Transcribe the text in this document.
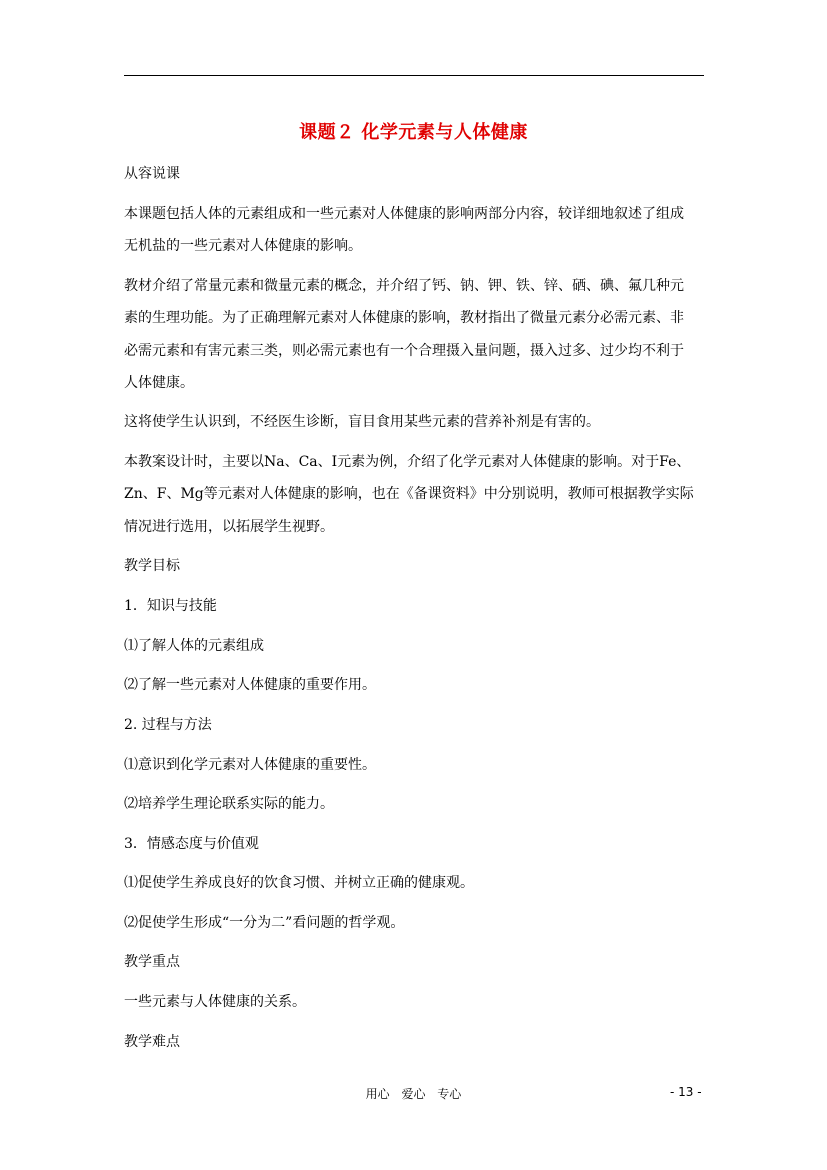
课题２ 化学元素与人体健康
从容说课
本课题包括人体的元素组成和一些元素对人体健康的影响两部分内容，较详细地叙述了组成
无机盐的一些元素对人体健康的影响。
教材介绍了常量元素和微量元素的概念，并介绍了钙、钠、钾、铁、锌、硒、碘、氟几种元
素的生理功能。为了正确理解元素对人体健康的影响，教材指出了微量元素分必需元素、非
必需元素和有害元素三类，则必需元素也有一个合理摄入量问题，摄入过多、过少均不利于
人体健康。
这将使学生认识到，不经医生诊断，盲目食用某些元素的营养补剂是有害的。
本教案设计时，主要以Na、Ca、I元素为例，介绍了化学元素对人体健康的影响。对于Fe、
Zn、F、Mg等元素对人体健康的影响，也在《备课资料》中分别说明，教师可根据教学实际
情况进行选用，以拓展学生视野。
教学目标
1．知识与技能
⑴了解人体的元素组成
⑵了解一些元素对人体健康的重要作用。
2. 过程与方法
⑴意识到化学元素对人体健康的重要性。
⑵培养学生理论联系实际的能力。
3．情感态度与价值观
⑴促使学生养成良好的饮食习惯、并树立正确的健康观。
⑵促使学生形成“一分为二”看问题的哲学观。
教学重点
一些元素与人体健康的关系。
教学难点
用心 爱心 专心	- 13 -
